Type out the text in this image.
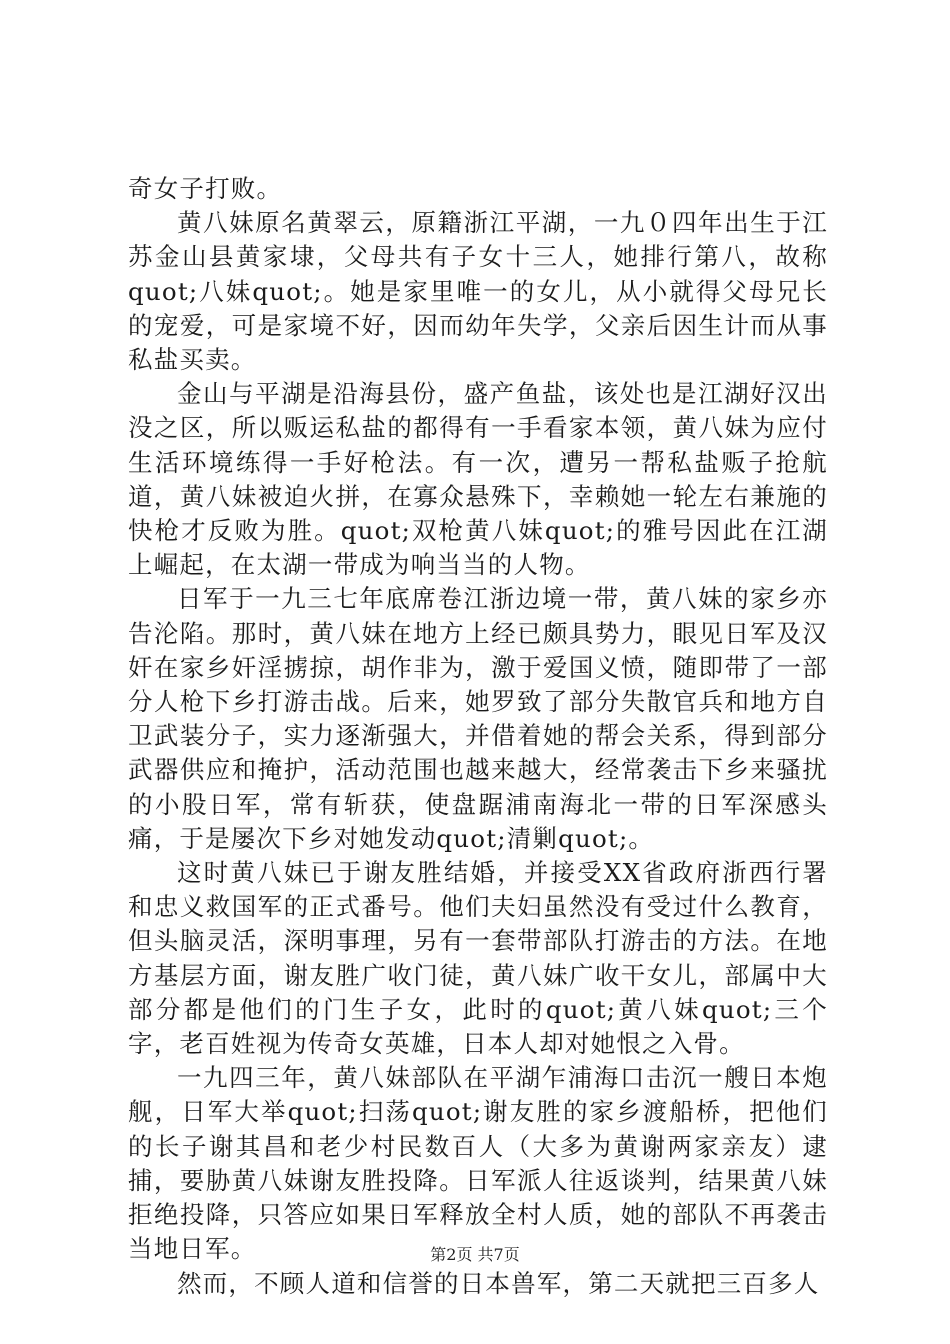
奇女子打败。

黄八妹原名黄翠云，原籍浙江平湖，一九０四年出生于江苏金山县黄家埭，父母共有子女十三人，她排行第八，故称quot;八妹quot;。她是家里唯一的女儿，从小就得父母兄长的宠爱，可是家境不好，因而幼年失学，父亲后因生计而从事私盐买卖。

金山与平湖是沿海县份，盛产鱼盐，该处也是江湖好汉出没之区，所以贩运私盐的都得有一手看家本领，黄八妹为应付生活环境练得一手好枪法。有一次，遭另一帮私盐贩子抢航道，黄八妹被迫火拼，在寡众悬殊下，幸赖她一轮左右兼施的快枪才反败为胜。quot;双枪黄八妹quot;的雅号因此在江湖上崛起，在太湖一带成为响当当的人物。

日军于一九三七年底席卷江浙边境一带，黄八妹的家乡亦告沦陷。那时，黄八妹在地方上经已颇具势力，眼见日军及汉奸在家乡奸淫掳掠，胡作非为，激于爱国义愤，随即带了一部分人枪下乡打游击战。后来，她罗致了部分失散官兵和地方自卫武装分子，实力逐渐强大，并借着她的帮会关系，得到部分武器供应和掩护，活动范围也越来越大，经常袭击下乡来骚扰的小股日军，常有斩获，使盘踞浦南海北一带的日军深感头痛，于是屡次下乡对她发动quot;清剿quot;。

这时黄八妹已于谢友胜结婚，并接受XX省政府浙西行署和忠义救国军的正式番号。他们夫妇虽然没有受过什么教育，但头脑灵活，深明事理，另有一套带部队打游击的方法。在地方基层方面，谢友胜广收门徒，黄八妹广收干女儿，部属中大部分都是他们的门生子女，此时的quot;黄八妹quot;三个字，老百姓视为传奇女英雄，日本人却对她恨之入骨。

一九四三年，黄八妹部队在平湖乍浦海口击沉一艘日本炮舰，日军大举quot;扫荡quot;谢友胜的家乡渡船桥，把他们的长子谢其昌和老少村民数百人（大多为黄谢两家亲友）逮捕，要胁黄八妹谢友胜投降。日军派人往返谈判，结果黄八妹拒绝投降，只答应如果日军释放全村人质，她的部队不再袭击当地日军。

然而，不顾人道和信誉的日本兽军，第二天就把三百多人

第2页 共7页
